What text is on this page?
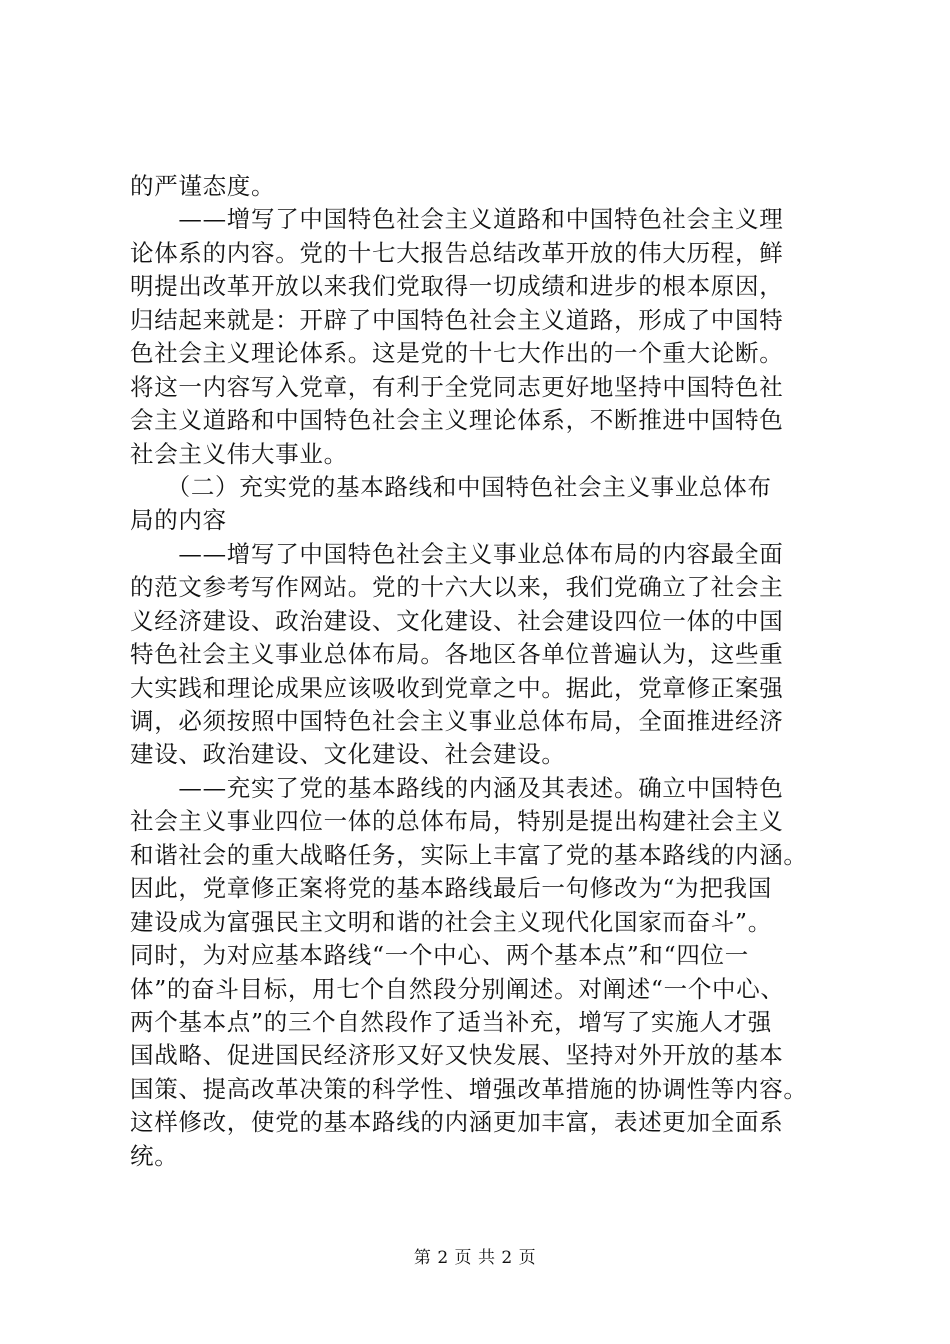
的严谨态度。
　　——增写了中国特色社会主义道路和中国特色社会主义理
论体系的内容。党的十七大报告总结改革开放的伟大历程，鲜
明提出改革开放以来我们党取得一切成绩和进步的根本原因，
归结起来就是：开辟了中国特色社会主义道路，形成了中国特
色社会主义理论体系。这是党的十七大作出的一个重大论断。
将这一内容写入党章，有利于全党同志更好地坚持中国特色社
会主义道路和中国特色社会主义理论体系，不断推进中国特色
社会主义伟大事业。
　　（二）充实党的基本路线和中国特色社会主义事业总体布
局的内容
　　——增写了中国特色社会主义事业总体布局的内容最全面
的范文参考写作网站。党的十六大以来，我们党确立了社会主
义经济建设、政治建设、文化建设、社会建设四位一体的中国
特色社会主义事业总体布局。各地区各单位普遍认为，这些重
大实践和理论成果应该吸收到党章之中。据此，党章修正案强
调，必须按照中国特色社会主义事业总体布局，全面推进经济
建设、政治建设、文化建设、社会建设。
　　——充实了党的基本路线的内涵及其表述。确立中国特色
社会主义事业四位一体的总体布局，特别是提出构建社会主义
和谐社会的重大战略任务，实际上丰富了党的基本路线的内涵。
因此，党章修正案将党的基本路线最后一句修改为“为把我国
建设成为富强民主文明和谐的社会主义现代化国家而奋斗”。
同时，为对应基本路线“一个中心、两个基本点”和“四位一
体”的奋斗目标，用七个自然段分别阐述。对阐述“一个中心、
两个基本点”的三个自然段作了适当补充，增写了实施人才强
国战略、促进国民经济形又好又快发展、坚持对外开放的基本
国策、提高改革决策的科学性、增强改革措施的协调性等内容。
这样修改，使党的基本路线的内涵更加丰富，表述更加全面系
统。
第 2 页 共 2 页
